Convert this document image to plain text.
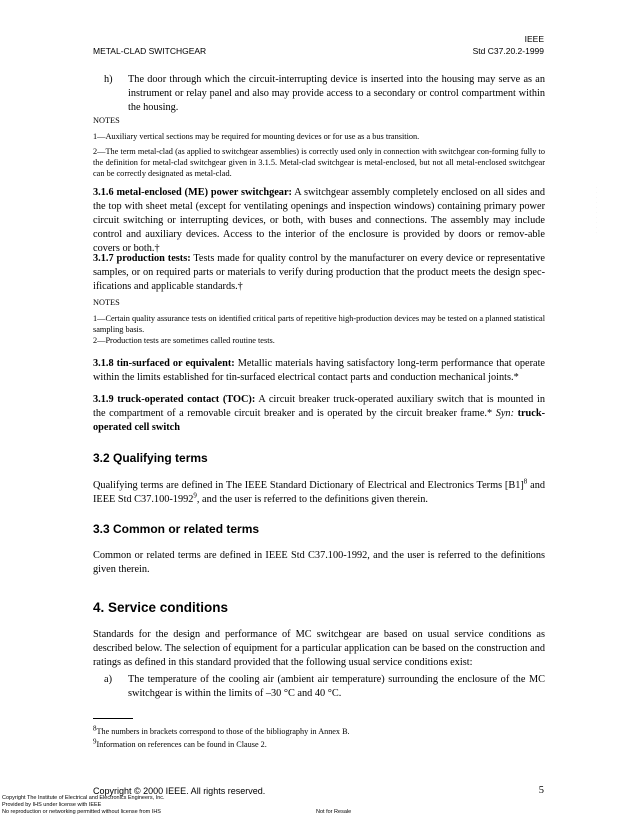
IEEE
METAL-CLAD SWITCHGEAR	Std C37.20.2-1999
h) The door through which the circuit-interrupting device is inserted into the housing may serve as an instrument or relay panel and also may provide access to a secondary or control compartment within the housing.

NOTES

1—Auxiliary vertical sections may be required for mounting devices or for use as a bus transition.

2—The term metal-clad (as applied to switchgear assemblies) is correctly used only in connection with switchgear con-forming fully to the definition for metal-clad switchgear given in 3.1.5. Metal-clad switchgear is metal-enclosed, but not all metal-enclosed switchgear can be correctly designated as metal-clad.

3.1.6 metal-enclosed (ME) power switchgear: A switchgear assembly completely enclosed on all sides and the top with sheet metal (except for ventilating openings and inspection windows) containing primary power circuit switching or interrupting devices, or both, with buses and connections. The assembly may include control and auxiliary devices. Access to the interior of the enclosure is provided by doors or remov-able covers or both.†

3.1.7 production tests: Tests made for quality control by the manufacturer on every device or representative samples, or on required parts or materials to verify during production that the product meets the design spec-ifications and applicable standards.†

NOTES

1—Certain quality assurance tests on identified critical parts of repetitive high-production devices may be tested on a planned statistical sampling basis.

2—Production tests are sometimes called routine tests.

3.1.8 tin-surfaced or equivalent: Metallic materials having satisfactory long-term performance that operate within the limits established for tin-surfaced electrical contact parts and conduction mechanical joints.*

3.1.9 truck-operated contact (TOC): A circuit breaker truck-operated auxiliary switch that is mounted in the compartment of a removable circuit breaker and is operated by the circuit breaker frame.* Syn: truck-operated cell switch

3.2 Qualifying terms

Qualifying terms are defined in The IEEE Standard Dictionary of Electrical and Electronics Terms $[B1]^8$ and IEEE Std C37.100-1992$^9$, and the user is referred to the definitions given therein.

3.3 Common or related terms

Common or related terms are defined in IEEE Std C37.100-1992, and the user is referred to the definitions given therein.

4. Service conditions

Standards for the design and performance of MC switchgear are based on usual service conditions as described below. The selection of equipment for a particular application can be based on the construction and ratings as defined in this standard provided that the following usual service conditions exist:

a) The temperature of the cooling air (ambient air temperature) surrounding the enclosure of the MC switchgear is within the limits of –30 °C and 40 °C.

$^8$The numbers in brackets correspond to those of the bibliography in Annex B.
$^9$Information on references can be found in Clause 2.
·
·
·
·
·
·
·
·
·
·
Copyright © 2000 IEEE. All rights reserved.	5
Copyright The Institute of Electrical and Electronics Engineers, Inc.
Provided by IHS under license with IEEE
No reproduction or networking permitted without license from IHS	Not for Resale
